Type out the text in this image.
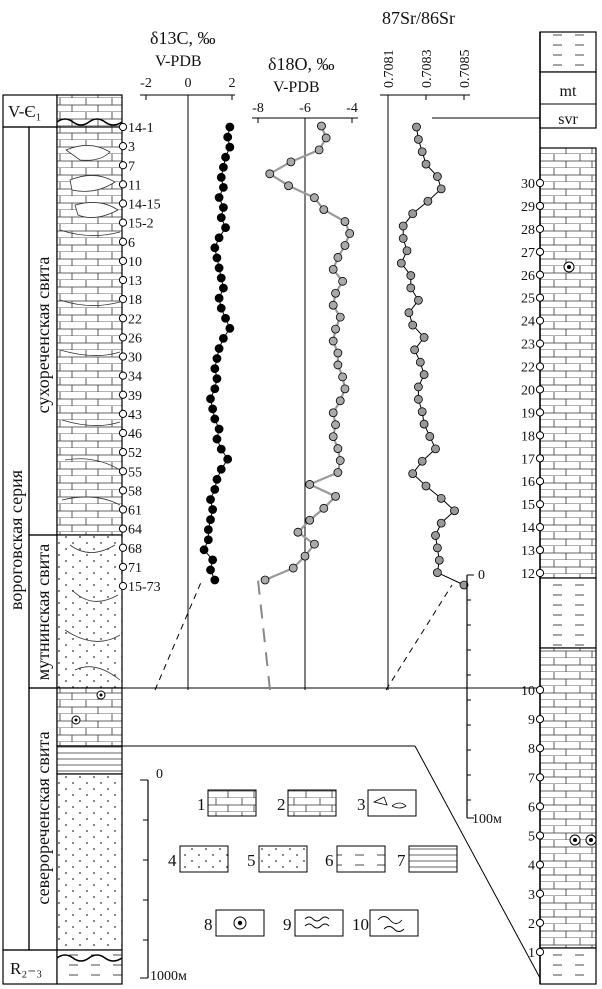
V-Є₁
R₂₋₃
вороговская серия
сухореченская свита
мутнинская свита
северореченская свита
14-1
3
7
11
14-15
15-2
6
10
13
18
22
26
30
34
39
43
46
52
55
58
61
64
68
71
15-73
0
1000м
δ13C, ‰
V-PDB
-2 0	2
δ18O, ‰
V-PDB
-8	-6	-4
87Sr/86Sr
0.7081 0.7083 0.7085
0
100м
1	2	3
4	5	6	7
8	9	10
mt
svr
30
29
28
27
26
25
24
23
22
20
19
18
17
16
15
14
13
12
10
9
8
7
6
5
4
3
2
1
